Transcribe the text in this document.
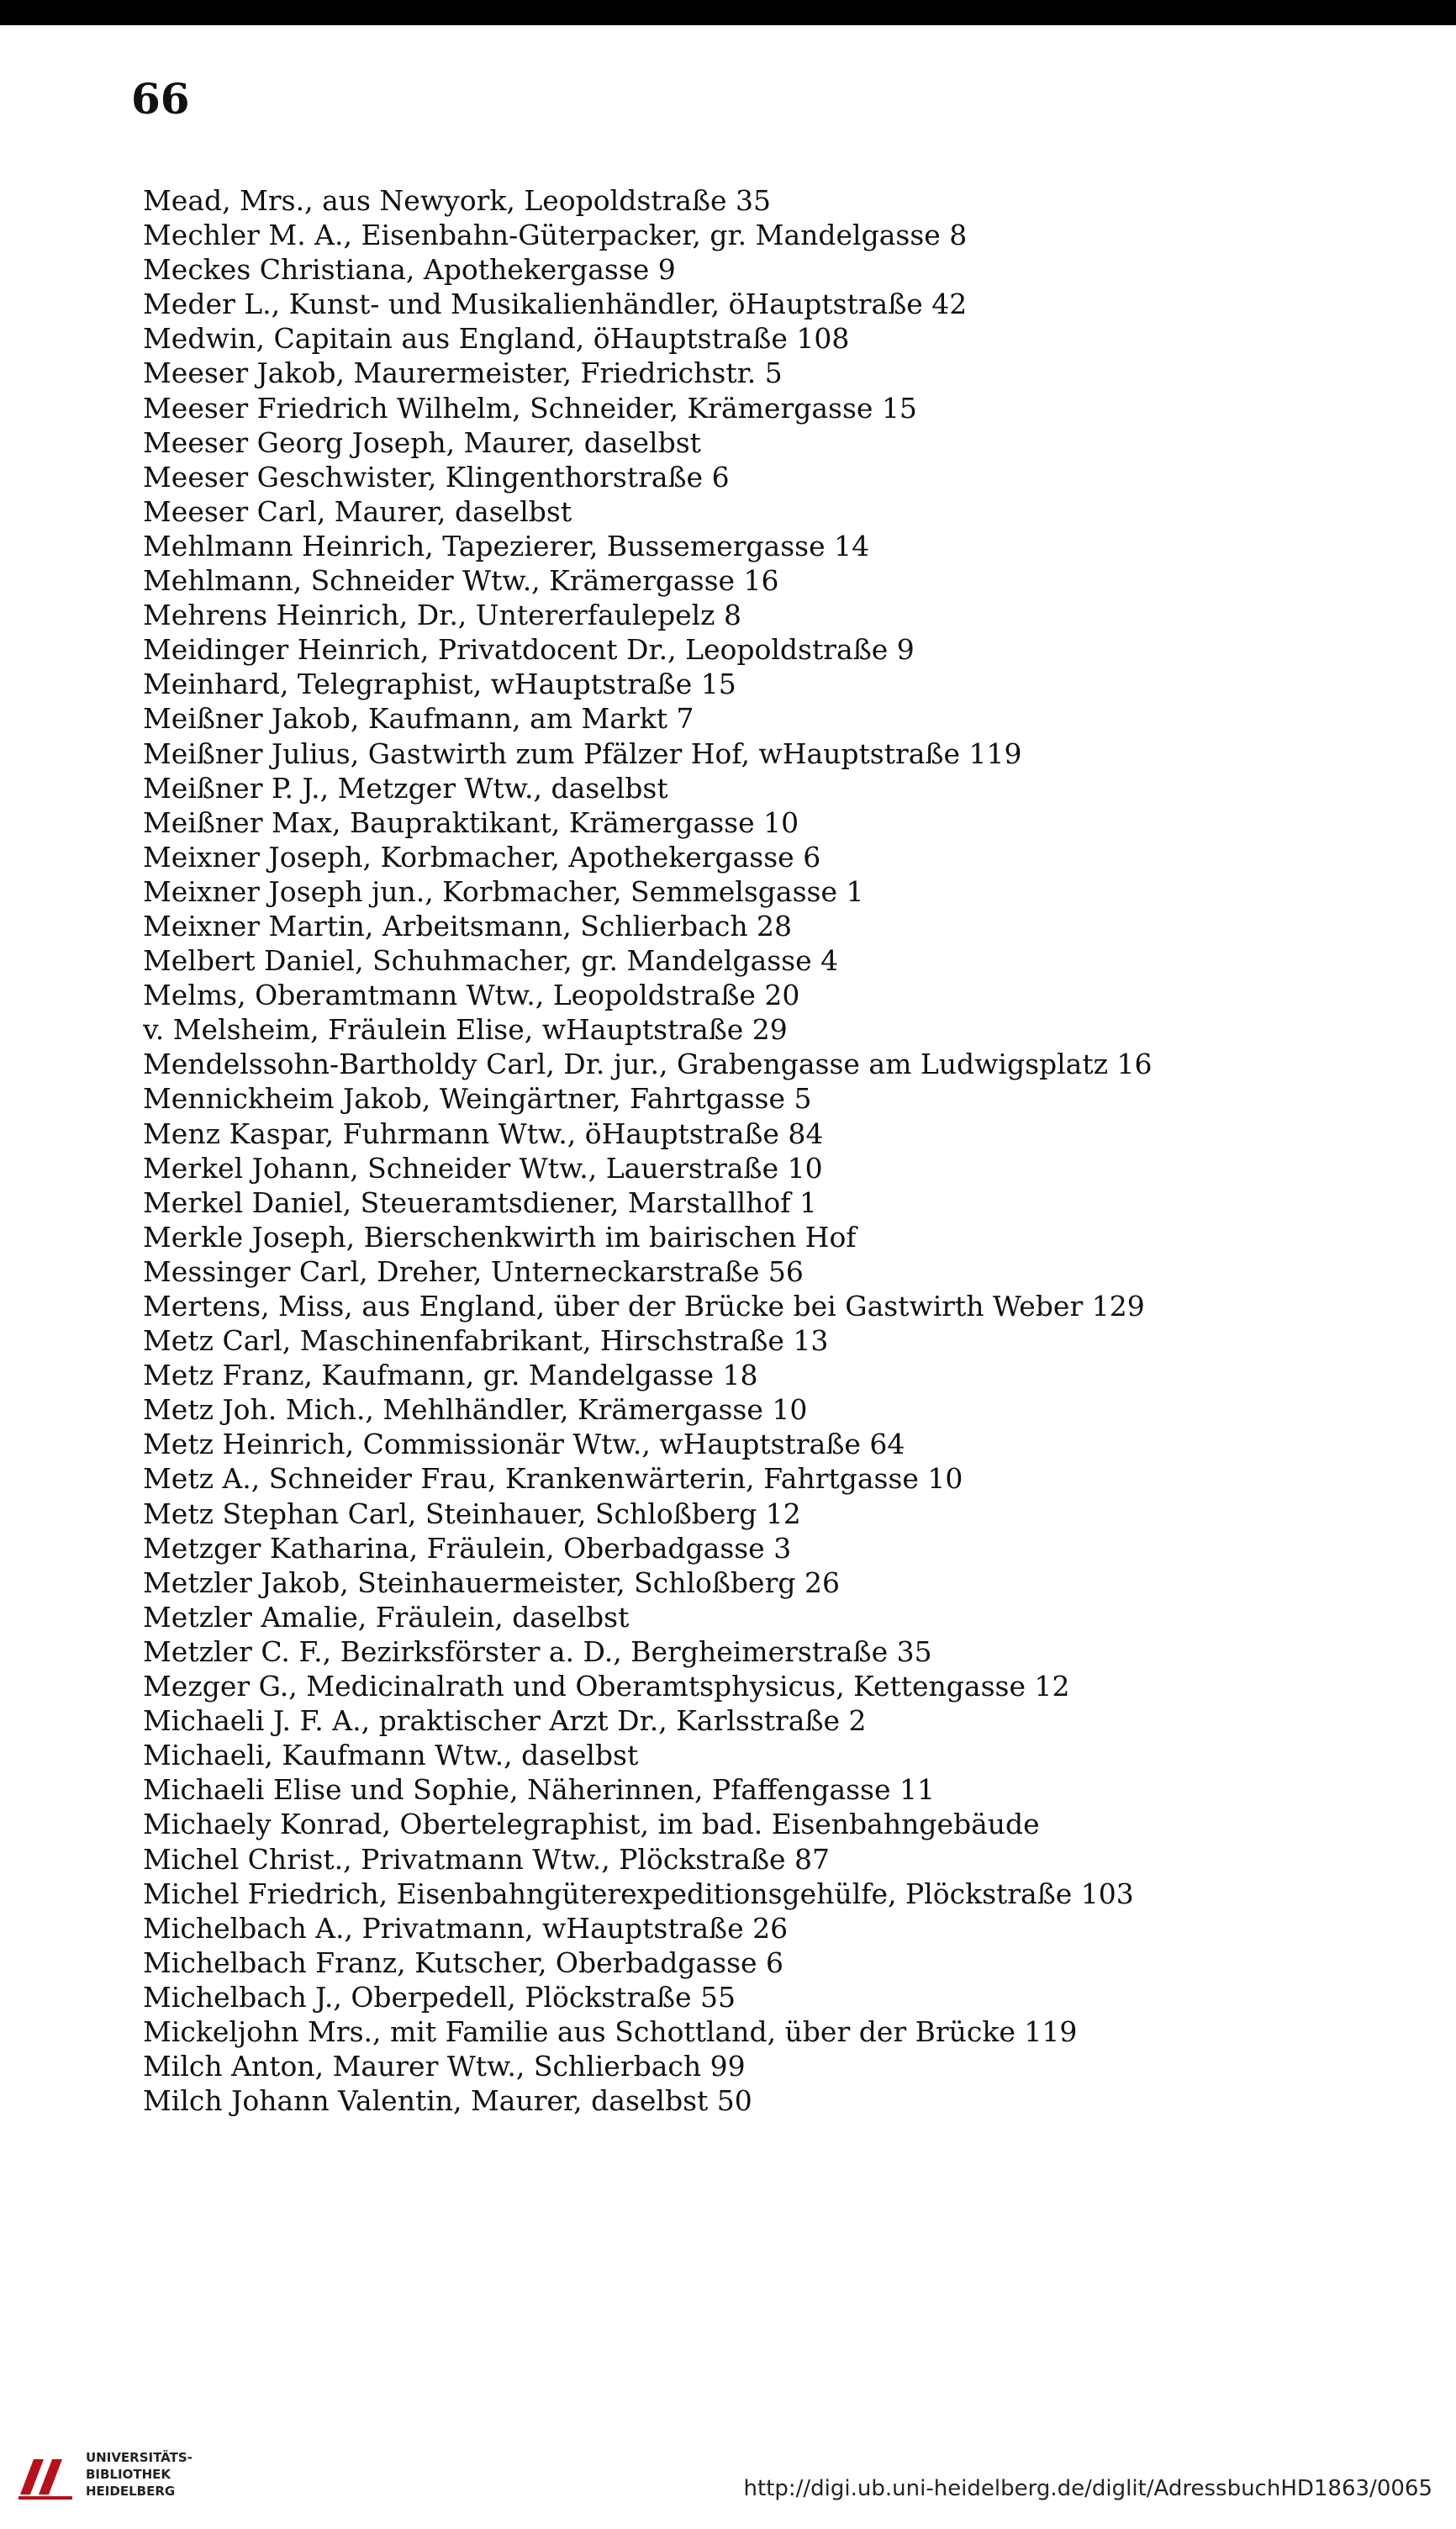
66
Mead, Mrs., aus Newyork, Leopoldstraße 35
Mechler M. A., Eisenbahn-Güterpacker, gr. Mandelgasse 8
Meckes Christiana, Apothekergasse 9
Meder L., Kunst- und Musikalienhändler, öHauptstraße 42
Medwin, Capitain aus England, öHauptstraße 108
Meeser Jakob, Maurermeister, Friedrichstr. 5
Meeser Friedrich Wilhelm, Schneider, Krämergasse 15
Meeser Georg Joseph, Maurer, daselbst
Meeser Geschwister, Klingenthorstraße 6
Meeser Carl, Maurer, daselbst
Mehlmann Heinrich, Tapezierer, Bussemergasse 14
Mehlmann, Schneider Wtw., Krämergasse 16
Mehrens Heinrich, Dr., Untererfaulepelz 8
Meidinger Heinrich, Privatdocent Dr., Leopoldstraße 9
Meinhard, Telegraphist, wHauptstraße 15
Meißner Jakob, Kaufmann, am Markt 7
Meißner Julius, Gastwirth zum Pfälzer Hof, wHauptstraße 119
Meißner P. J., Metzger Wtw., daselbst
Meißner Max, Baupraktikant, Krämergasse 10
Meixner Joseph, Korbmacher, Apothekergasse 6
Meixner Joseph jun., Korbmacher, Semmelsgasse 1
Meixner Martin, Arbeitsmann, Schlierbach 28
Melbert Daniel, Schuhmacher, gr. Mandelgasse 4
Melms, Oberamtmann Wtw., Leopoldstraße 20
v. Melsheim, Fräulein Elise, wHauptstraße 29
Mendelssohn-Bartholdy Carl, Dr. jur., Grabengasse am Ludwigsplatz 16
Mennickheim Jakob, Weingärtner, Fahrtgasse 5
Menz Kaspar, Fuhrmann Wtw., öHauptstraße 84
Merkel Johann, Schneider Wtw., Lauerstraße 10
Merkel Daniel, Steueramtsdiener, Marstallhof 1
Merkle Joseph, Bierschenkwirth im bairischen Hof
Messinger Carl, Dreher, Unterneckarstraße 56
Mertens, Miss, aus England, über der Brücke bei Gastwirth Weber 129
Metz Carl, Maschinenfabrikant, Hirschstraße 13
Metz Franz, Kaufmann, gr. Mandelgasse 18
Metz Joh. Mich., Mehlhändler, Krämergasse 10
Metz Heinrich, Commissionär Wtw., wHauptstraße 64
Metz A., Schneider Frau, Krankenwärterin, Fahrtgasse 10
Metz Stephan Carl, Steinhauer, Schloßberg 12
Metzger Katharina, Fräulein, Oberbadgasse 3
Metzler Jakob, Steinhauermeister, Schloßberg 26
Metzler Amalie, Fräulein, daselbst
Metzler C. F., Bezirksförster a. D., Bergheimerstraße 35
Mezger G., Medicinalrath und Oberamtsphysicus, Kettengasse 12
Michaeli J. F. A., praktischer Arzt Dr., Karlsstraße 2
Michaeli, Kaufmann Wtw., daselbst
Michaeli Elise und Sophie, Näherinnen, Pfaffengasse 11
Michaely Konrad, Obertelegraphist, im bad. Eisenbahngebäude
Michel Christ., Privatmann Wtw., Plöckstraße 87
Michel Friedrich, Eisenbahngüterexpeditionsgehülfe, Plöckstraße 103
Michelbach A., Privatmann, wHauptstraße 26
Michelbach Franz, Kutscher, Oberbadgasse 6
Michelbach J., Oberpedell, Plöckstraße 55
Mickeljohn Mrs., mit Familie aus Schottland, über der Brücke 119
Milch Anton, Maurer Wtw., Schlierbach 99
Milch Johann Valentin, Maurer, daselbst 50
UNIVERSITÄTS-
BIBLIOTHEK
HEIDELBERG	http://digi.ub.uni-heidelberg.de/diglit/AdressbuchHD1863/0065
